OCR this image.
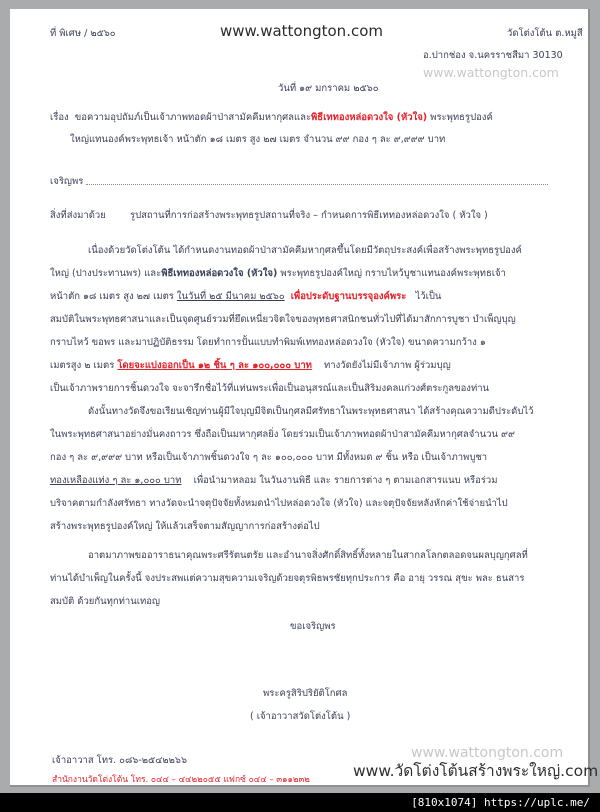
ที่ พิเศษ / ๒๕๖๐	www.wattongton.com	วัดโต่งโต้น ต.หมูสี
อ.ปากช่อง จ.นครราชสีมา 30130
www.wattongton.com
วันที่ ๑๙ มกราคม ๒๕๖๐
เรื่อง ขอความอุปถัมภ์เป็นเจ้าภาพทอดผ้าป่าสามัคคีมหากุศลและพิธีเททองหล่อดวงใจ (หัวใจ) พระพุทธรูปองค์
ใหญ่แทนองค์พระพุทธเจ้า หน้าตัก ๑๘ เมตร สูง ๒๗ เมตร จำนวน ๙๙ กอง ๆ ละ ๙,๙๙๙ บาท
เจริญพร
สิ่งที่ส่งมาด้วย	รูปสถานที่การก่อสร้างพระพุทธรูปสถานที่จริง – กำหนดการพิธีเททองหล่อดวงใจ ( หัวใจ )
เนื่องด้วยวัดโต่งโต้น ได้กำหนดงานทอดผ้าป่าสามัคคีมหากุศลขึ้นโดยมีวัตถุประสงค์เพื่อสร้างพระพุทธรูปองค์
ใหญ่ (ปางประทานพร) และพิธีเททองหล่อดวงใจ (หัวใจ) พระพุทธรูปองค์ใหญ่ กราบไหว้บูชาแทนองค์พระพุทธเจ้า
หน้าตัก ๑๘ เมตร สูง ๒๗ เมตร ในวันที่ ๒๕ มีนาคม ๒๕๖๐ เพื่อประดับฐานบรรจุองค์พระ ไว้เป็น
สมบัติในพระพุทธศาสนาและเป็นจุดศูนย์รวมที่ยึดเหนี่ยวจิตใจของพุทธศาสนิกชนทั่วไปที่ได้มาสักการบูชา บำเพ็ญบุญ
กราบไหว้ ขอพร และมาปฏิบัติธรรม โดยทำการปั้นแบบทำพิมพ์เททองหล่อดวงใจ (หัวใจ) ขนาดความกว้าง ๑
เมตรสูง ๒ เมตร โดยจะแบ่งออกเป็น ๑๒ ชิ้น ๆ ละ ๑๐๐,๐๐๐ บาท ทางวัดยังไม่มีเจ้าภาพ ผู้ร่วมบุญ
เป็นเจ้าภาพรายการชิ้นดวงใจ จะจารึกชื่อไว้ที่แท่นพระเพื่อเป็นอนุสรณ์และเป็นสิริมงคลแก่วงศ์ตระกูลของท่าน
ดังนั้นทางวัดจึงขอเรียนเชิญท่านผู้มีใจบุญมีจิตเป็นกุศลมีศรัทธาในพระพุทธศาสนา ได้สร้างคุณความดีประดับไว้
ในพระพุทธศาสนาอย่างมั่นคงถาวร ซึ่งถือเป็นมหากุศลยิ่ง โดยร่วมเป็นเจ้าภาพทอดผ้าป่าสามัคคีมหากุศลจำนวน ๙๙
กอง ๆ ละ ๙,๙๙๙ บาท หรือเป็นเจ้าภาพชิ้นดวงใจ ๆ ละ ๑๐๐,๐๐๐ บาท มีทั้งหมด ๙ ชิ้น หรือ เป็นเจ้าภาพบูชา
ทองเหลืองแท่ง ๆ ละ ๑,๐๐๐ บาท เพื่อนำมาหลอม ในวันงานพิธี และ รายการต่าง ๆ ตามเอกสารแนบ หรือร่วม
บริจาคตามกำลังศรัทธา ทางวัดจะนำจตุปัจจัยทั้งหมดนำไปหล่อดวงใจ (หัวใจ) และจตุปัจจัยหลังหักค่าใช้จ่ายนำไป
สร้างพระพุทธรูปองค์ใหญ่ ให้แล้วเสร็จตามสัญญาการก่อสร้างต่อไป
อาตมาภาพขออาราธนาคุณพระศรีรัตนตรัย และอำนาจสิ่งศักดิ์สิทธิ์ทั้งหลายในสากลโลกตลอดจนผลบุญกุศลที่
ท่านได้บำเพ็ญในครั้งนี้ จงประสพแต่ความสุขความเจริญด้วยจตุรพิธพรชัยทุกประการ คือ อายุ วรรณ สุขะ พละ ธนสาร
สมบัติ ด้วยกันทุกท่านเทอญ
ขอเจริญพร
พระครูสิริปริยัติโกศล
( เจ้าอาวาสวัดโต่งโต้น )
เจ้าอาวาส โทร. ๐๘๖-๒๕๔๒๒๖๖
สำนักงานวัดโต่งโต้น โทร. ๐๔๔ – ๔๔๒๒๐๕๕ แฟกซ์ ๐๔๔ – ๓๑๑๒๓๒
www.wattongton.com
www.วัดโต่งโต้นสร้างพระใหญ่.com
[810x1074] https://uplc.me/
